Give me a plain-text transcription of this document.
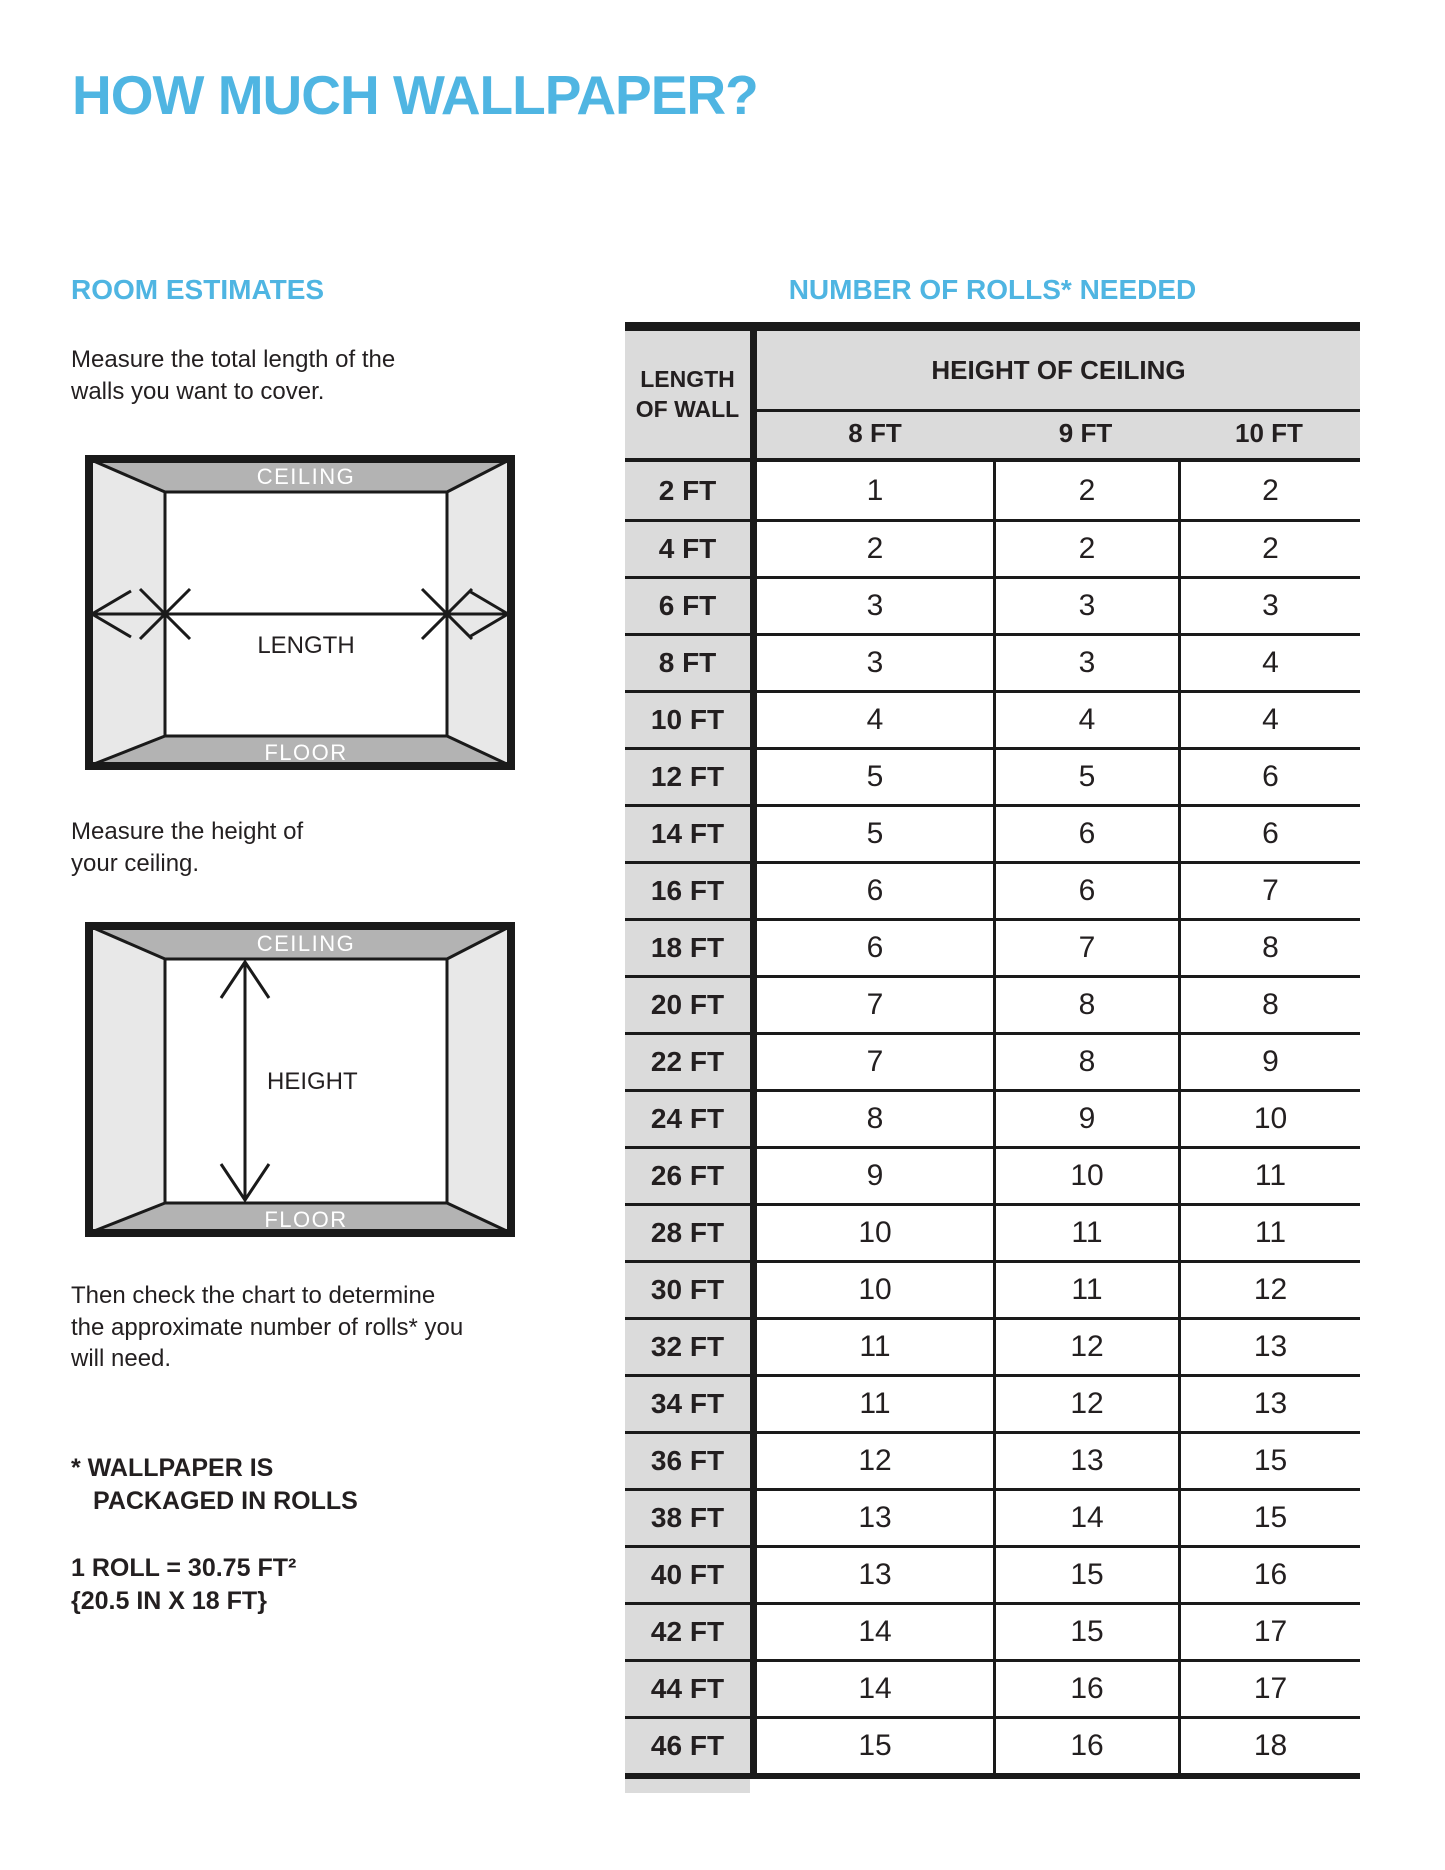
HOW MUCH WALLPAPER?
ROOM ESTIMATES
Measure the total length of the walls you want to cover.
CEILING
FLOOR
LENGTH
Measure the height of your ceiling.
CEILING
FLOOR
HEIGHT
Then check the chart to determine the approximate number of rolls* you will need.
* WALLPAPER IS
PACKAGED IN ROLLS
1 ROLL = 30.75 FT²
{20.5 IN X 18 FT}
NUMBER OF ROLLS* NEEDED
LENGTH
OF WALL
HEIGHT OF CEILING
8 FT	9 FT	10 FT
2 FT	1	2	2
4 FT	2	2	2
6 FT	3	3	3
8 FT	3	3	4
10 FT	4	4	4
12 FT	5	5	6
14 FT	5	6	6
16 FT	6	6	7
18 FT	6	7	8
20 FT	7	8	8
22 FT	7	8	9
24 FT	8	9	10
26 FT	9	10	11
28 FT	10	11	11
30 FT	10	11	12
32 FT	11	12	13
34 FT	11	12	13
36 FT	12	13	15
38 FT	13	14	15
40 FT	13	15	16
42 FT	14	15	17
44 FT	14	16	17
46 FT	15	16	18
